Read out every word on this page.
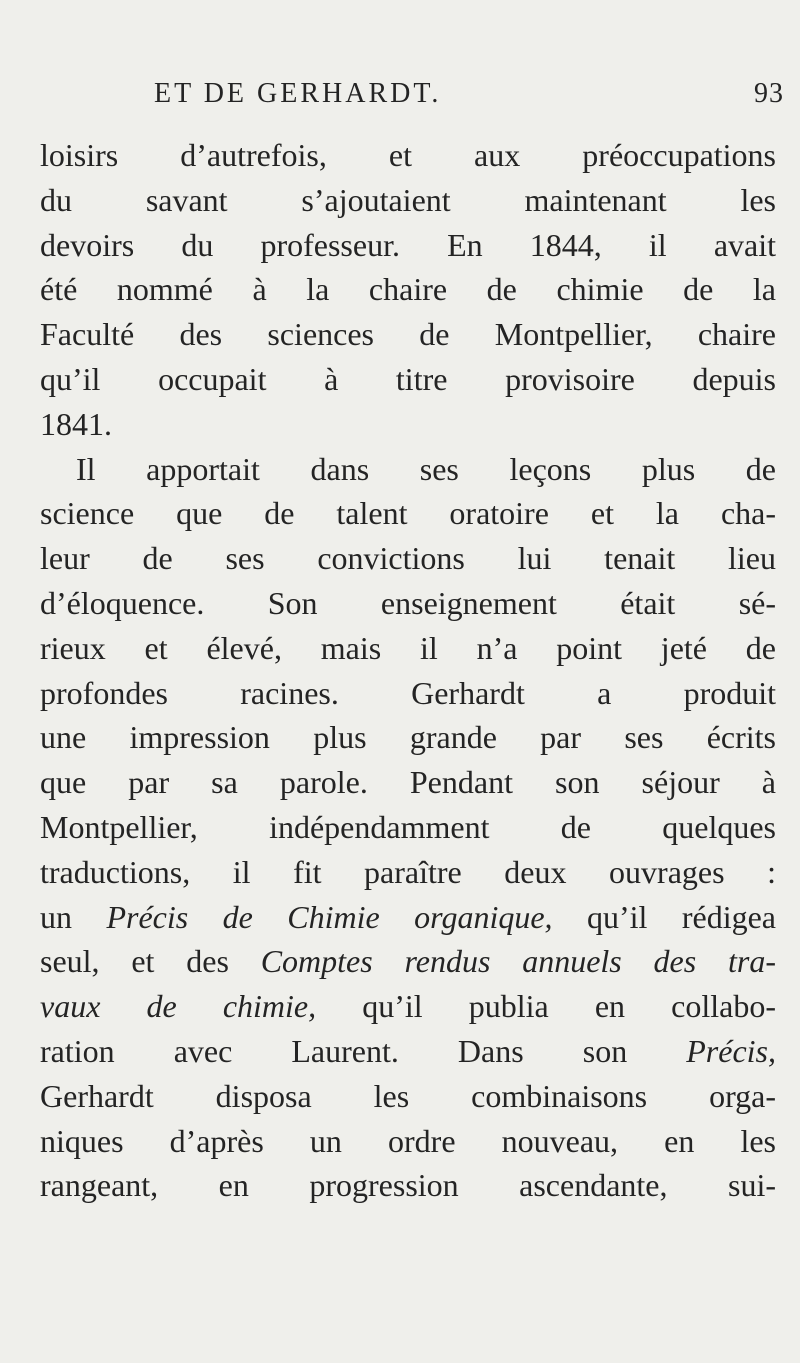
ET DE GERHARDT.	93
loisirs d’autrefois, et aux préoccupations
du savant s’ajoutaient maintenant les
devoirs du professeur. En 1844, il avait
été nommé à la chaire de chimie de la
Faculté des sciences de Montpellier, chaire
qu’il occupait à titre provisoire depuis
1841.
Il apportait dans ses leçons plus de
science que de talent oratoire et la cha-
leur de ses convictions lui tenait lieu
d’éloquence. Son enseignement était sé-
rieux et élevé, mais il n’a point jeté de
profondes racines. Gerhardt a produit
une impression plus grande par ses écrits
que par sa parole. Pendant son séjour à
Montpellier, indépendamment de quelques
traductions, il fit paraître deux ouvrages :
un Précis de Chimie organique, qu’il rédigea
seul, et des Comptes rendus annuels des tra-
vaux de chimie, qu’il publia en collabo-
ration avec Laurent. Dans son Précis,
Gerhardt disposa les combinaisons orga-
niques d’après un ordre nouveau, en les
rangeant, en progression ascendante, sui-
